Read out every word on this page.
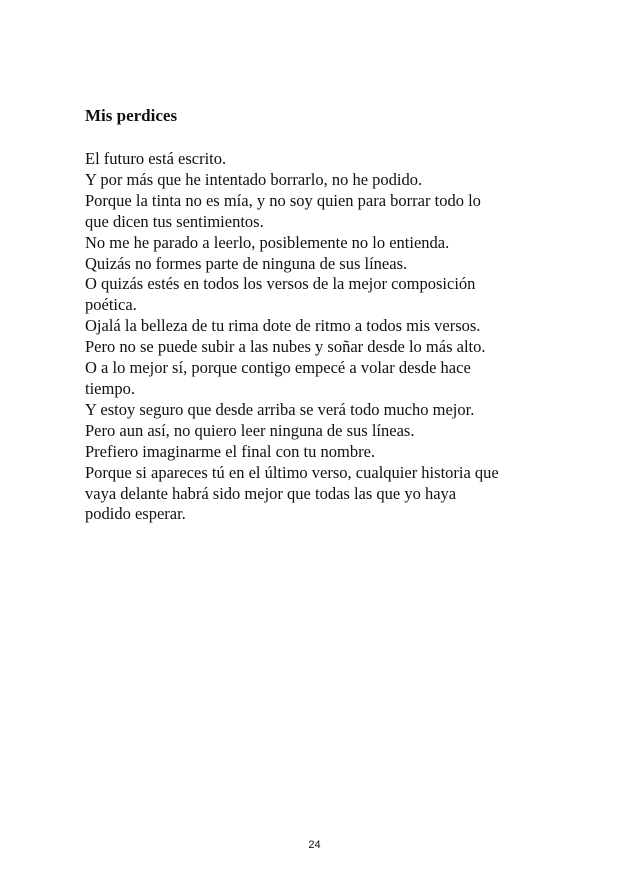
Mis perdices
El futuro está escrito.
Y por más que he intentado borrarlo, no he podido.
Porque la tinta no es mía, y no soy quien para borrar todo lo
que dicen tus sentimientos.
No me he parado a leerlo, posiblemente no lo entienda.
Quizás no formes parte de ninguna de sus líneas.
O quizás estés en todos los versos de la mejor composición
poética.
Ojalá la belleza de tu rima dote de ritmo a todos mis versos.
Pero no se puede subir a las nubes y soñar desde lo más alto.
O a lo mejor sí, porque contigo empecé a volar desde hace
tiempo.
Y estoy seguro que desde arriba se verá todo mucho mejor.
Pero aun así, no quiero leer ninguna de sus líneas.
Prefiero imaginarme el final con tu nombre.
Porque si apareces tú en el último verso, cualquier historia que
vaya delante habrá sido mejor que todas las que yo haya
podido esperar.
24
